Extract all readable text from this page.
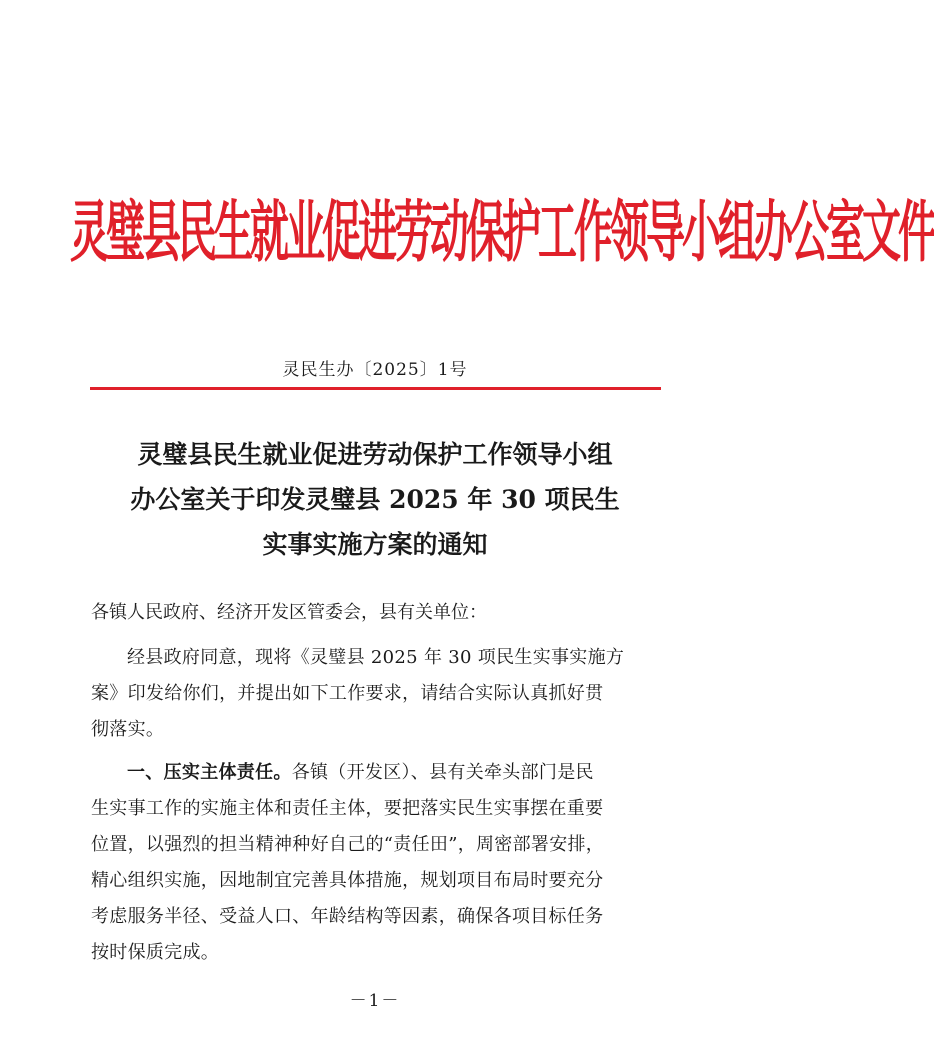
灵璧县民生就业促进劳动保护工作领导小组办公室文件
灵民生办〔2025〕1号
灵璧县民生就业促进劳动保护工作领导小组
办公室关于印发灵璧县 2025 年 30 项民生
实事实施方案的通知
各镇人民政府、经济开发区管委会，县有关单位：
经县政府同意，现将《灵璧县 2025 年 30 项民生实事实施方
案》印发给你们，并提出如下工作要求，请结合实际认真抓好贯
彻落实。
一、压实主体责任。各镇（开发区）、县有关牵头部门是民
生实事工作的实施主体和责任主体，要把落实民生实事摆在重要
位置，以强烈的担当精神种好自己的“责任田”，周密部署安排，
精心组织实施，因地制宜完善具体措施，规划项目布局时要充分
考虑服务半径、受益人口、年龄结构等因素，确保各项目标任务
按时保质完成。
－1－
